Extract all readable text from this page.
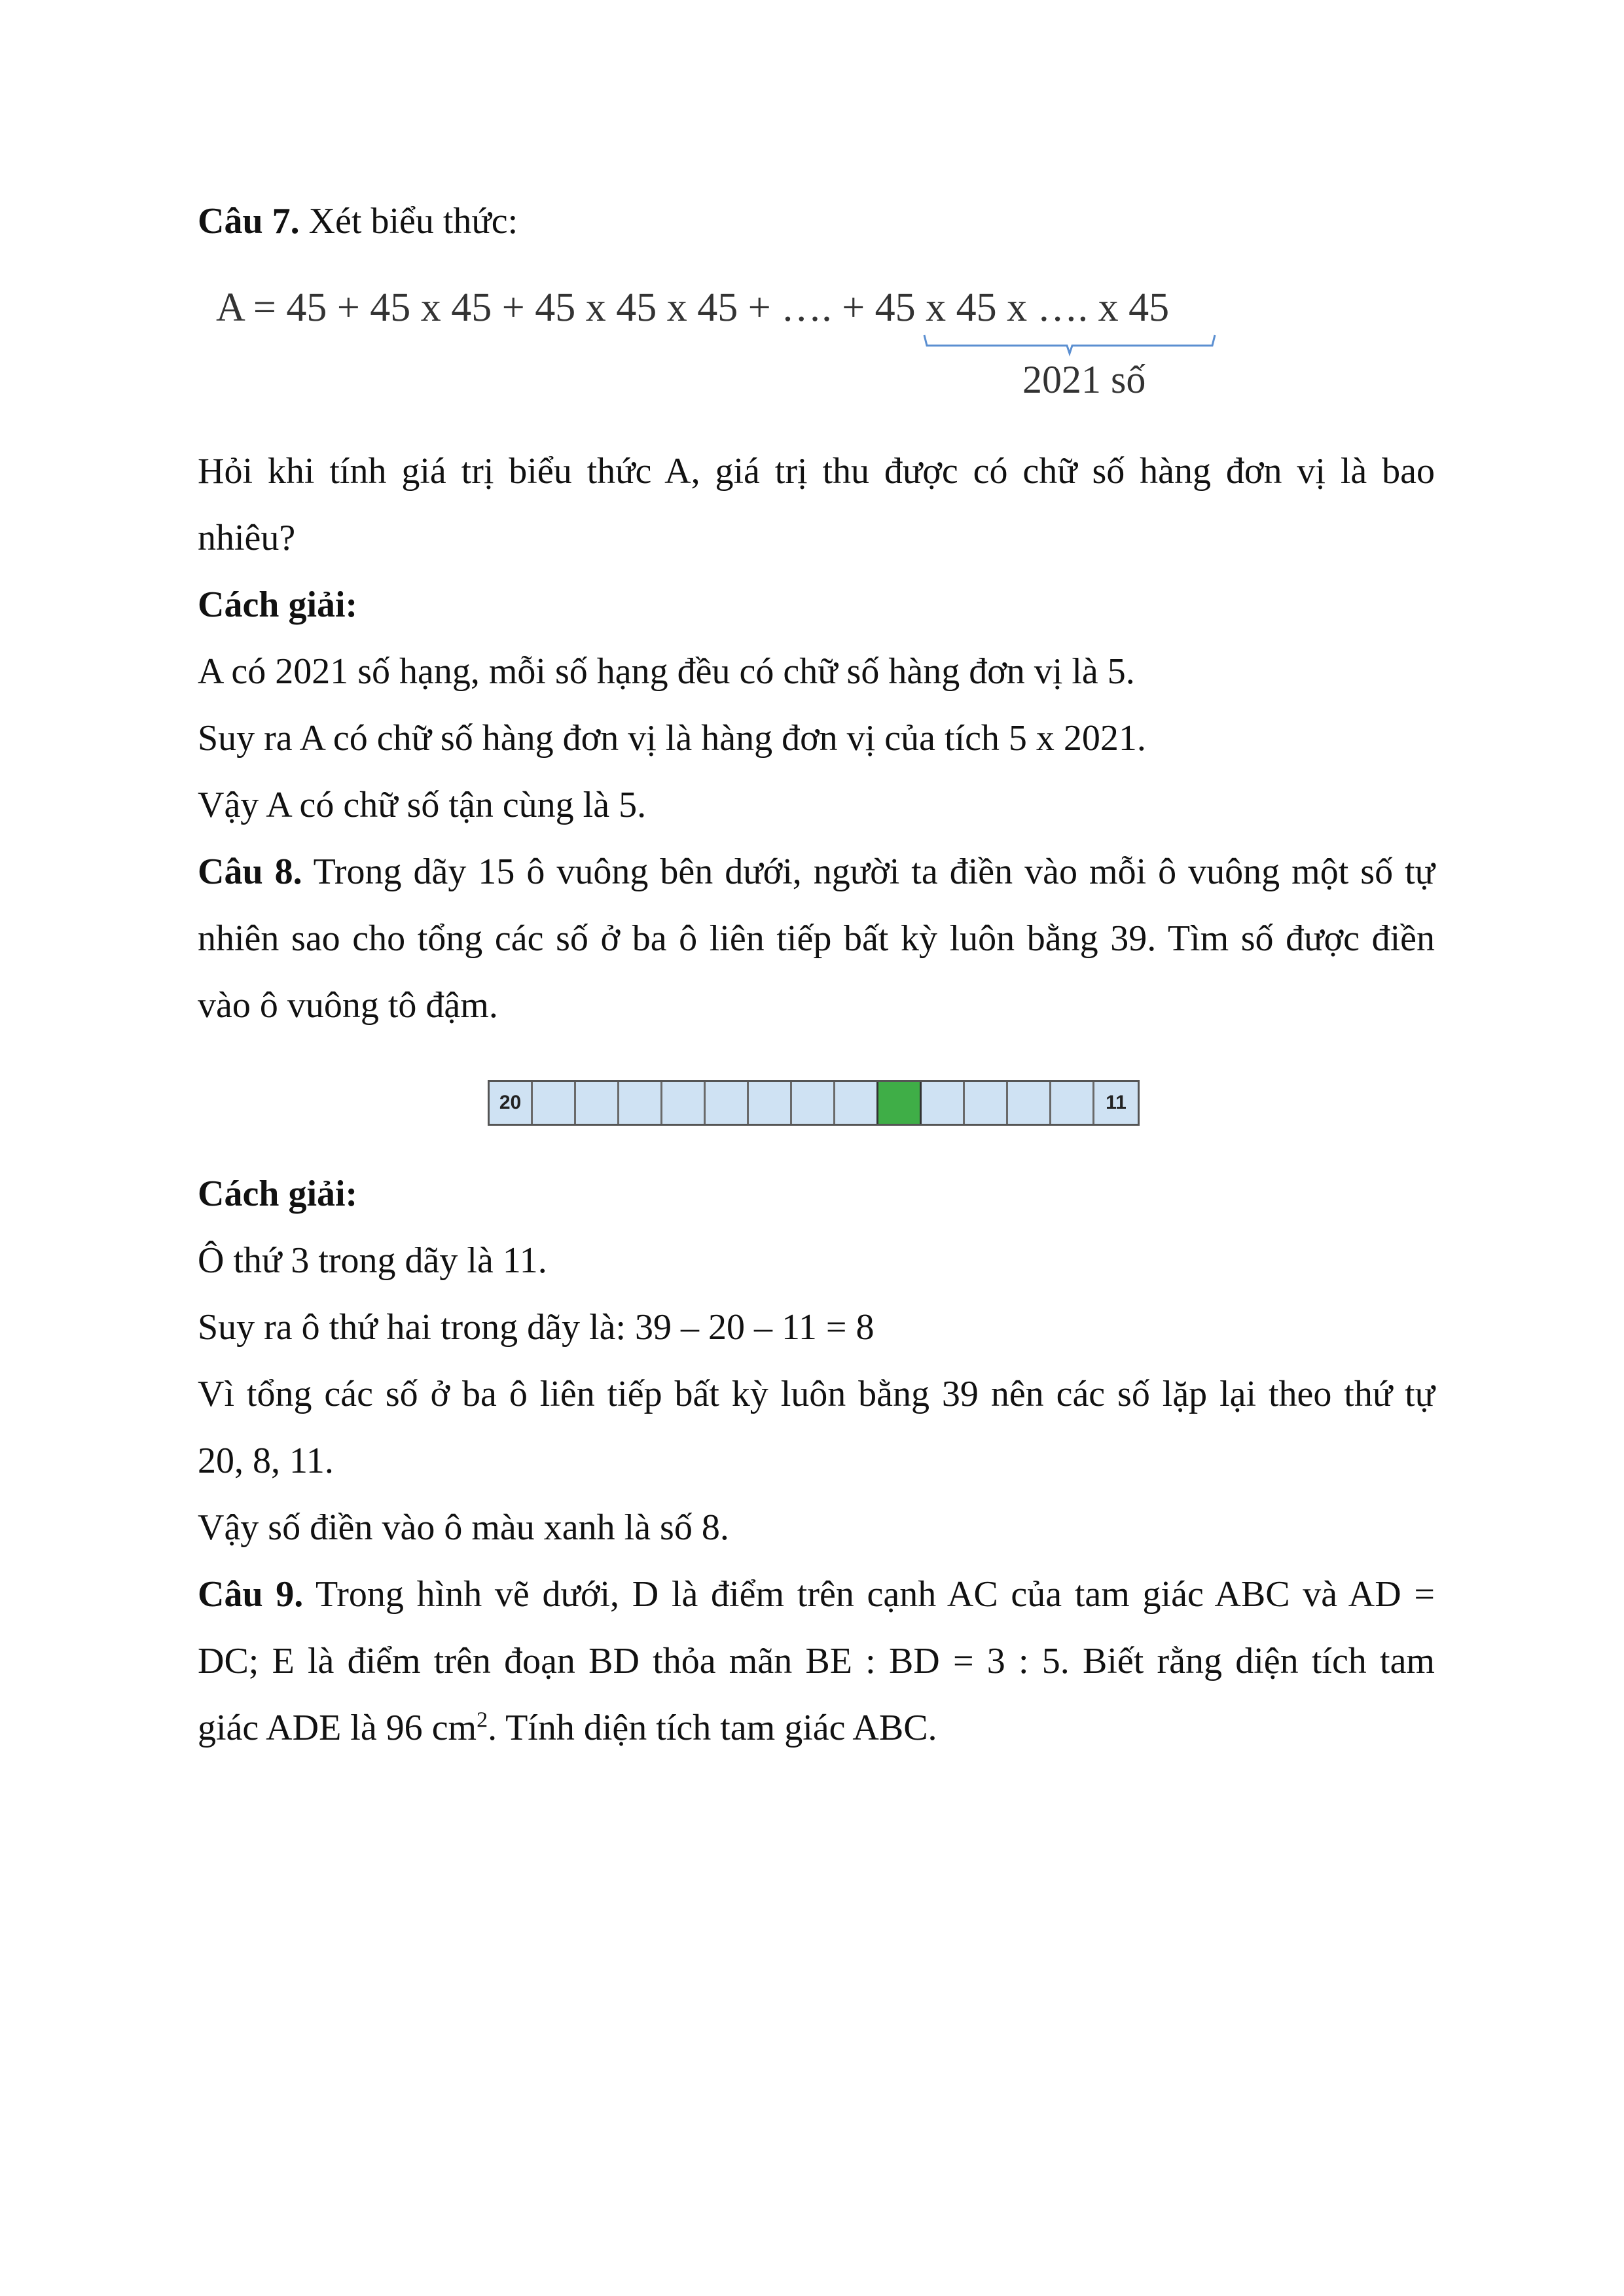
Câu 7. Xét biểu thức:
A = 45 + 45 x 45 + 45 x 45 x 45 + …. + 45 x 45 x …. x 45
2021 số
Hỏi khi tính giá trị biểu thức A, giá trị thu được có chữ số hàng đơn vị là bao
nhiêu?
Cách giải:
A có 2021 số hạng, mỗi số hạng đều có chữ số hàng đơn vị là 5.
Suy ra A có chữ số hàng đơn vị là hàng đơn vị của tích 5 x 2021.
Vậy A có chữ số tận cùng là 5.
Câu 8. Trong dãy 15 ô vuông bên dưới, người ta điền vào mỗi ô vuông một số tự
nhiên sao cho tổng các số ở ba ô liên tiếp bất kỳ luôn bằng 39. Tìm số được điền
vào ô vuông tô đậm.
20	11
Cách giải:
Ô thứ 3 trong dãy là 11.
Suy ra ô thứ hai trong dãy là: 39 – 20 – 11 = 8
Vì tổng các số ở ba ô liên tiếp bất kỳ luôn bằng 39 nên các số lặp lại theo thứ tự
20, 8, 11.
Vậy số điền vào ô màu xanh là số 8.
Câu 9. Trong hình vẽ dưới, D là điểm trên cạnh AC của tam giác ABC và AD =
DC; E là điểm trên đoạn BD thỏa mãn BE : BD = 3 : 5. Biết rằng diện tích tam
giác ADE là 96 $cm^2$. Tính diện tích tam giác ABC.
